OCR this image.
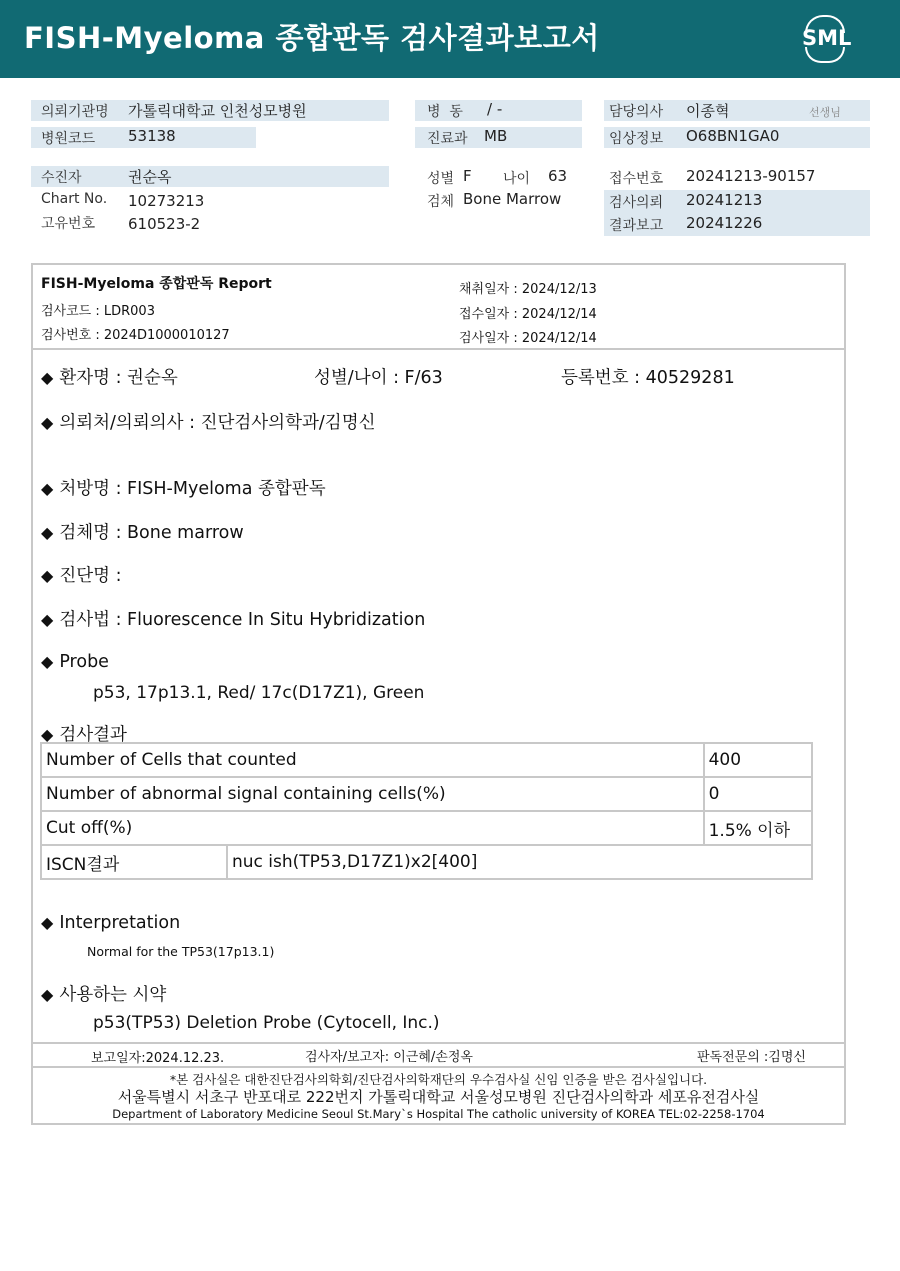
FISH-Myeloma 종합판독 검사결과보고서	SML
의뢰기관명 가톨릭대학교 인천성모병원
병원코드 53138
병  동 / -
진료과 MB
담당의사 이종혁	선생님
임상정보 O68BN1GA0
수진자	권순옥
Chart No. 10273213
고유번호 610523-2
성별 F 나이 63
검체 Bone Marrow
접수번호 20241213-90157
검사의뢰 20241213
결과보고 20241226
FISH-Myeloma 종합판독 Report
검사코드 : LDR003
검사번호 : 2024D1000010127
채취일자 : 2024/12/13
접수일자 : 2024/12/14
검사일자 : 2024/12/14
◆ 환자명 : 권순옥	성별/나이 : F/63	등록번호 : 40529281
◆ 의뢰처/의뢰의사 : 진단검사의학과/김명신
◆ 처방명 : FISH-Myeloma 종합판독
◆ 검체명 : Bone marrow
◆ 진단명 :
◆ 검사법 : Fluorescence In Situ Hybridization
◆ Probe
p53, 17p13.1, Red/ 17c(D17Z1), Green
◆ 검사결과
Number of Cells that counted		400
Number of abnormal signal containing cells(%)		0
Cut off(%)		1.5% 이하
ISCN결과	nuc ish(TP53,D17Z1)x2[400]	
◆ Interpretation
Normal for the TP53(17p13.1)
◆ 사용하는 시약
p53(TP53) Deletion Probe (Cytocell, Inc.)
보고일자:2024.12.23.	검사자/보고자: 이근혜/손정옥	판독전문의 :김명신
*본 검사실은 대한진단검사의학회/진단검사의학재단의 우수검사실 신임 인증을 받은 검사실입니다.
서울특별시 서초구 반포대로 222번지 가톨릭대학교 서울성모병원 진단검사의학과 세포유전검사실
Department of Laboratory Medicine Seoul St.Mary`s Hospital The catholic university of KOREA TEL:02-2258-1704
